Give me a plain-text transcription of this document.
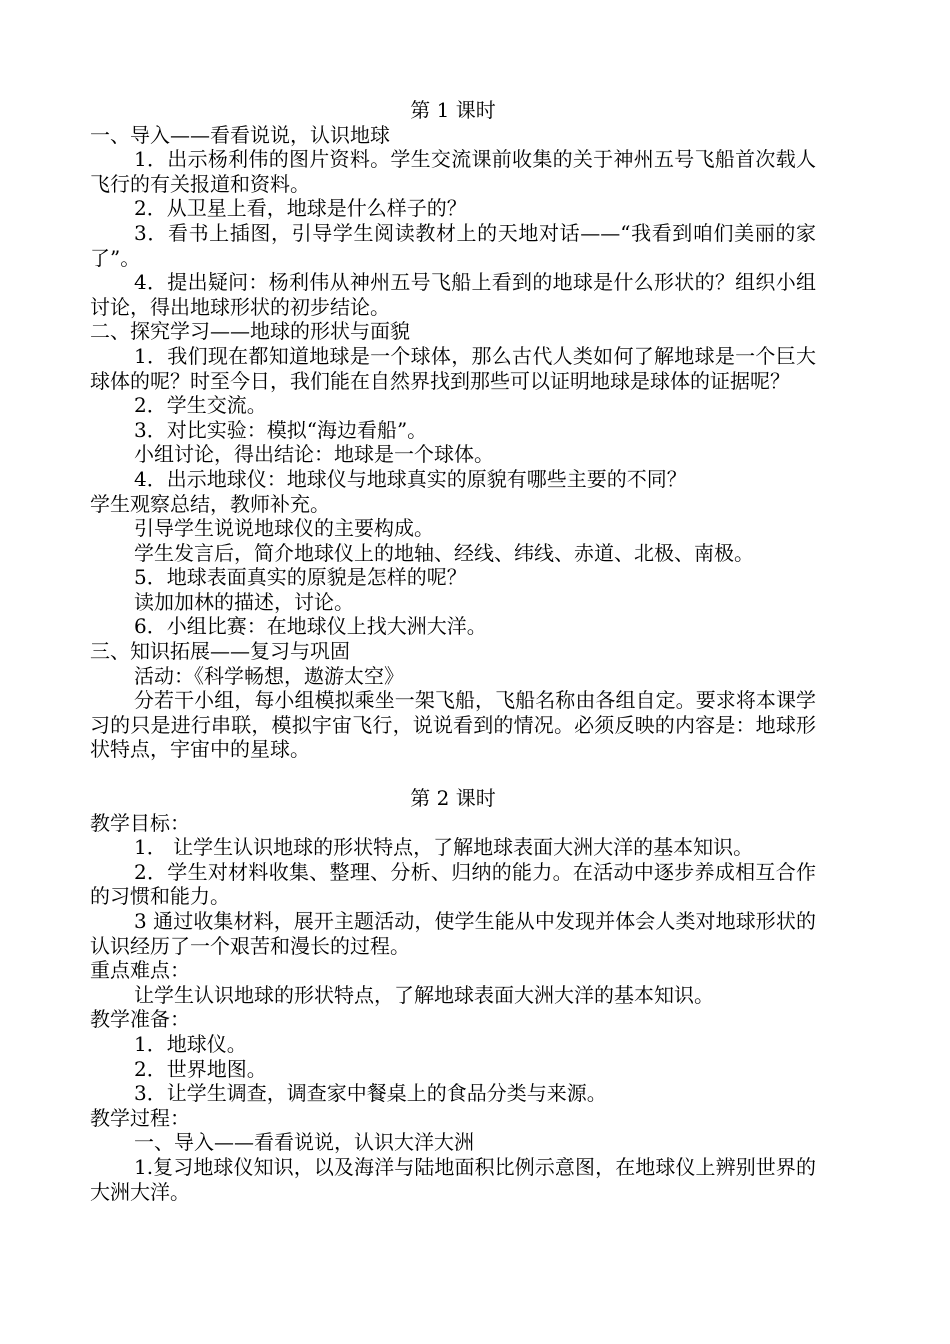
第 1 课时

一、导入——看看说说，认识地球

1．出示杨利伟的图片资料。学生交流课前收集的关于神州五号飞船首次载人飞行的有关报道和资料。

2．从卫星上看，地球是什么样子的？

3．看书上插图，引导学生阅读教材上的天地对话——“我看到咱们美丽的家了”。

4．提出疑问：杨利伟从神州五号飞船上看到的地球是什么形状的？组织小组讨论，得出地球形状的初步结论。

二、探究学习——地球的形状与面貌

1．我们现在都知道地球是一个球体，那么古代人类如何了解地球是一个巨大球体的呢？时至今日，我们能在自然界找到那些可以证明地球是球体的证据呢？

2．学生交流。

3．对比实验：模拟“海边看船”。

小组讨论，得出结论：地球是一个球体。

4．出示地球仪：地球仪与地球真实的原貌有哪些主要的不同？

学生观察总结，教师补充。

引导学生说说地球仪的主要构成。

学生发言后，简介地球仪上的地轴、经线、纬线、赤道、北极、南极。

5．地球表面真实的原貌是怎样的呢？

读加加林的描述，讨论。

6．小组比赛：在地球仪上找大洲大洋。

三、知识拓展——复习与巩固

活动：《科学畅想，遨游太空》

分若干小组，每小组模拟乘坐一架飞船，飞船名称由各组自定。要求将本课学习的只是进行串联，模拟宇宙飞行，说说看到的情况。必须反映的内容是：地球形状特点，宇宙中的星球。

第 2 课时

教学目标：

1． 让学生认识地球的形状特点，了解地球表面大洲大洋的基本知识。

2．学生对材料收集、整理、分析、归纳的能力。在活动中逐步养成相互合作的习惯和能力。

3 通过收集材料，展开主题活动，使学生能从中发现并体会人类对地球形状的认识经历了一个艰苦和漫长的过程。

重点难点：

让学生认识地球的形状特点，了解地球表面大洲大洋的基本知识。

教学准备：

1．地球仪。

2．世界地图。

3．让学生调查，调查家中餐桌上的食品分类与来源。

教学过程：

一、导入——看看说说，认识大洋大洲

1.复习地球仪知识，以及海洋与陆地面积比例示意图，在地球仪上辨别世界的大洲大洋。
